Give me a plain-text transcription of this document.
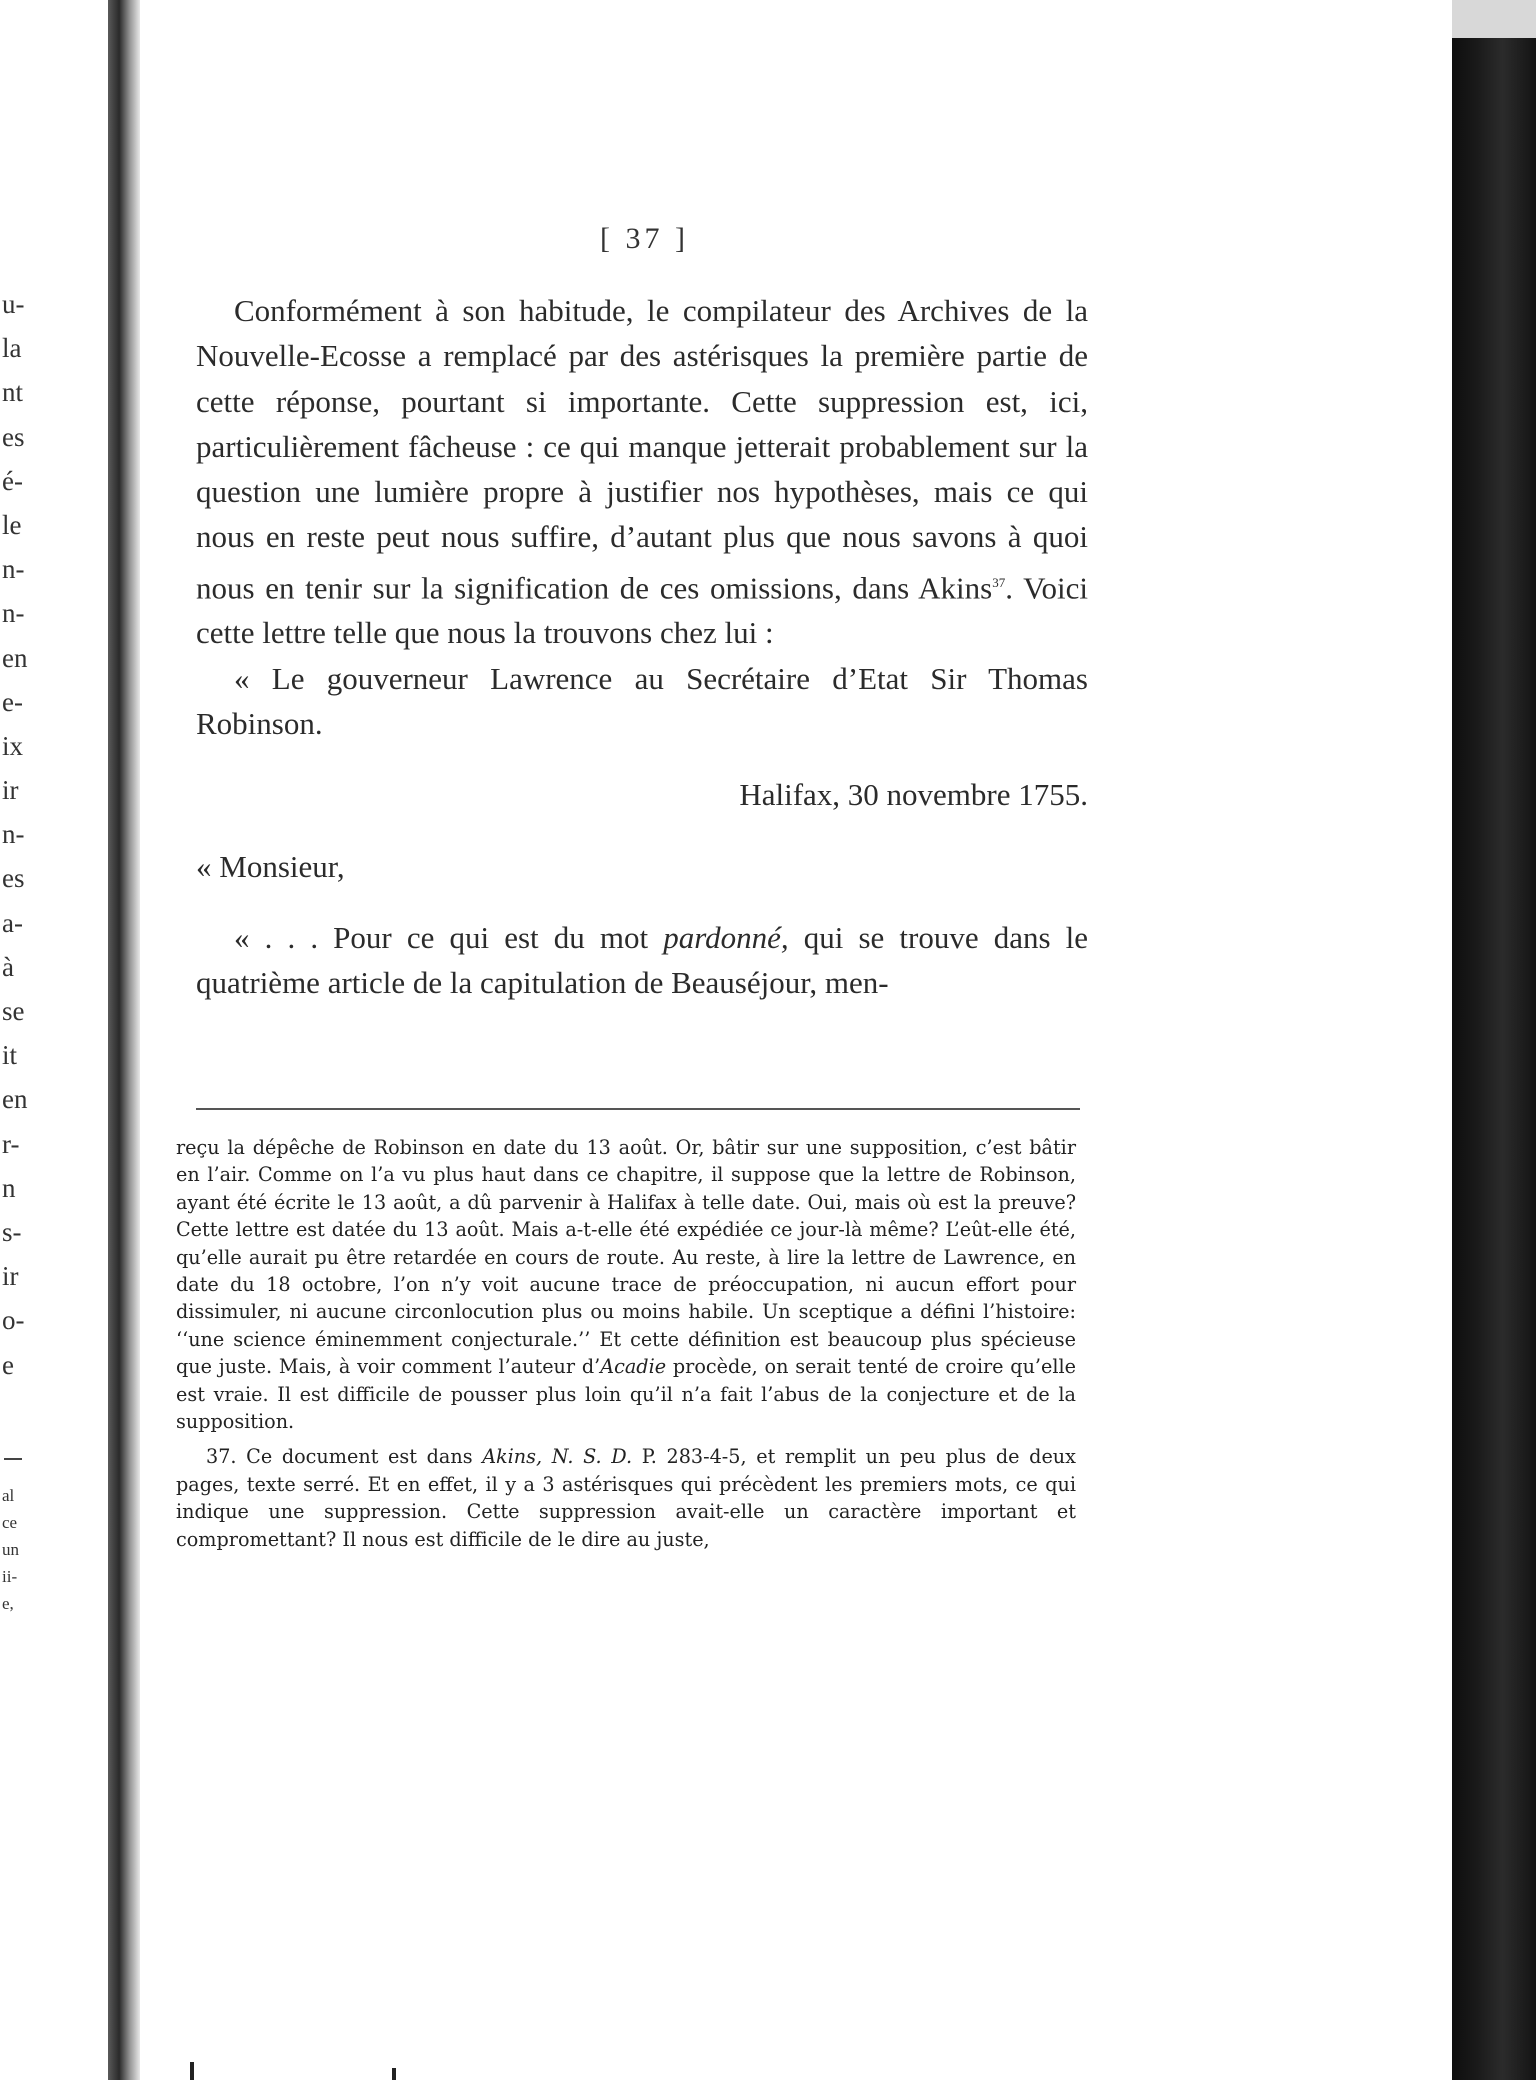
u-
la
nt
es
é-
le
n-
n-
en
e-
ix
ir
n-
es
a-
à
se
it
en
r-
n
s-
ir
o-
e
al
ce
un
ii-
e,
[ 37 ]

Conformément à son habitude, le compilateur des Archives de la Nouvelle-Ecosse a remplacé par des astérisques la première partie de cette réponse, pourtant si importante. Cette suppression est, ici, particulièrement fâcheuse : ce qui manque jetterait probablement sur la question une lumière propre à justifier nos hypothèses, mais ce qui nous en reste peut nous suffire, d’autant plus que nous savons à quoi nous en tenir sur la signification de ces omissions, dans Akins$^{37}$. Voici cette lettre telle que nous la trouvons chez lui :

« Le gouverneur Lawrence au Secrétaire d’Etat Sir Thomas Robinson.

Halifax, 30 novembre 1755.

« Monsieur,

« . . . Pour ce qui est du mot pardonné, qui se trouve dans le quatrième article de la capitulation de Beauséjour, men-

reçu la dépêche de Robinson en date du 13 août. Or, bâtir sur une supposition, c’est bâtir en l’air. Comme on l’a vu plus haut dans ce chapitre, il suppose que la lettre de Robinson, ayant été écrite le 13 août, a dû parvenir à Halifax à telle date. Oui, mais où est la preuve? Cette lettre est datée du 13 août. Mais a-t-elle été expédiée ce jour-là même? L’eût-elle été, qu’elle aurait pu être retardée en cours de route. Au reste, à lire la lettre de Lawrence, en date du 18 octobre, l’on n’y voit aucune trace de préoccupation, ni aucun effort pour dissimuler, ni aucune circonlocution plus ou moins habile. Un sceptique a défini l’histoire: ‘‘une science éminemment conjecturale.’’ Et cette définition est beaucoup plus spécieuse que juste. Mais, à voir comment l’auteur d’Acadie procède, on serait tenté de croire qu’elle est vraie. Il est difficile de pousser plus loin qu’il n’a fait l’abus de la conjecture et de la supposition.

37. Ce document est dans Akins, N. S. D. P. 283-4-5, et remplit un peu plus de deux pages, texte serré. Et en effet, il y a 3 astérisques qui précèdent les premiers mots, ce qui indique une suppression. Cette suppression avait-elle un caractère important et compromettant? Il nous est difficile de le dire au juste,
